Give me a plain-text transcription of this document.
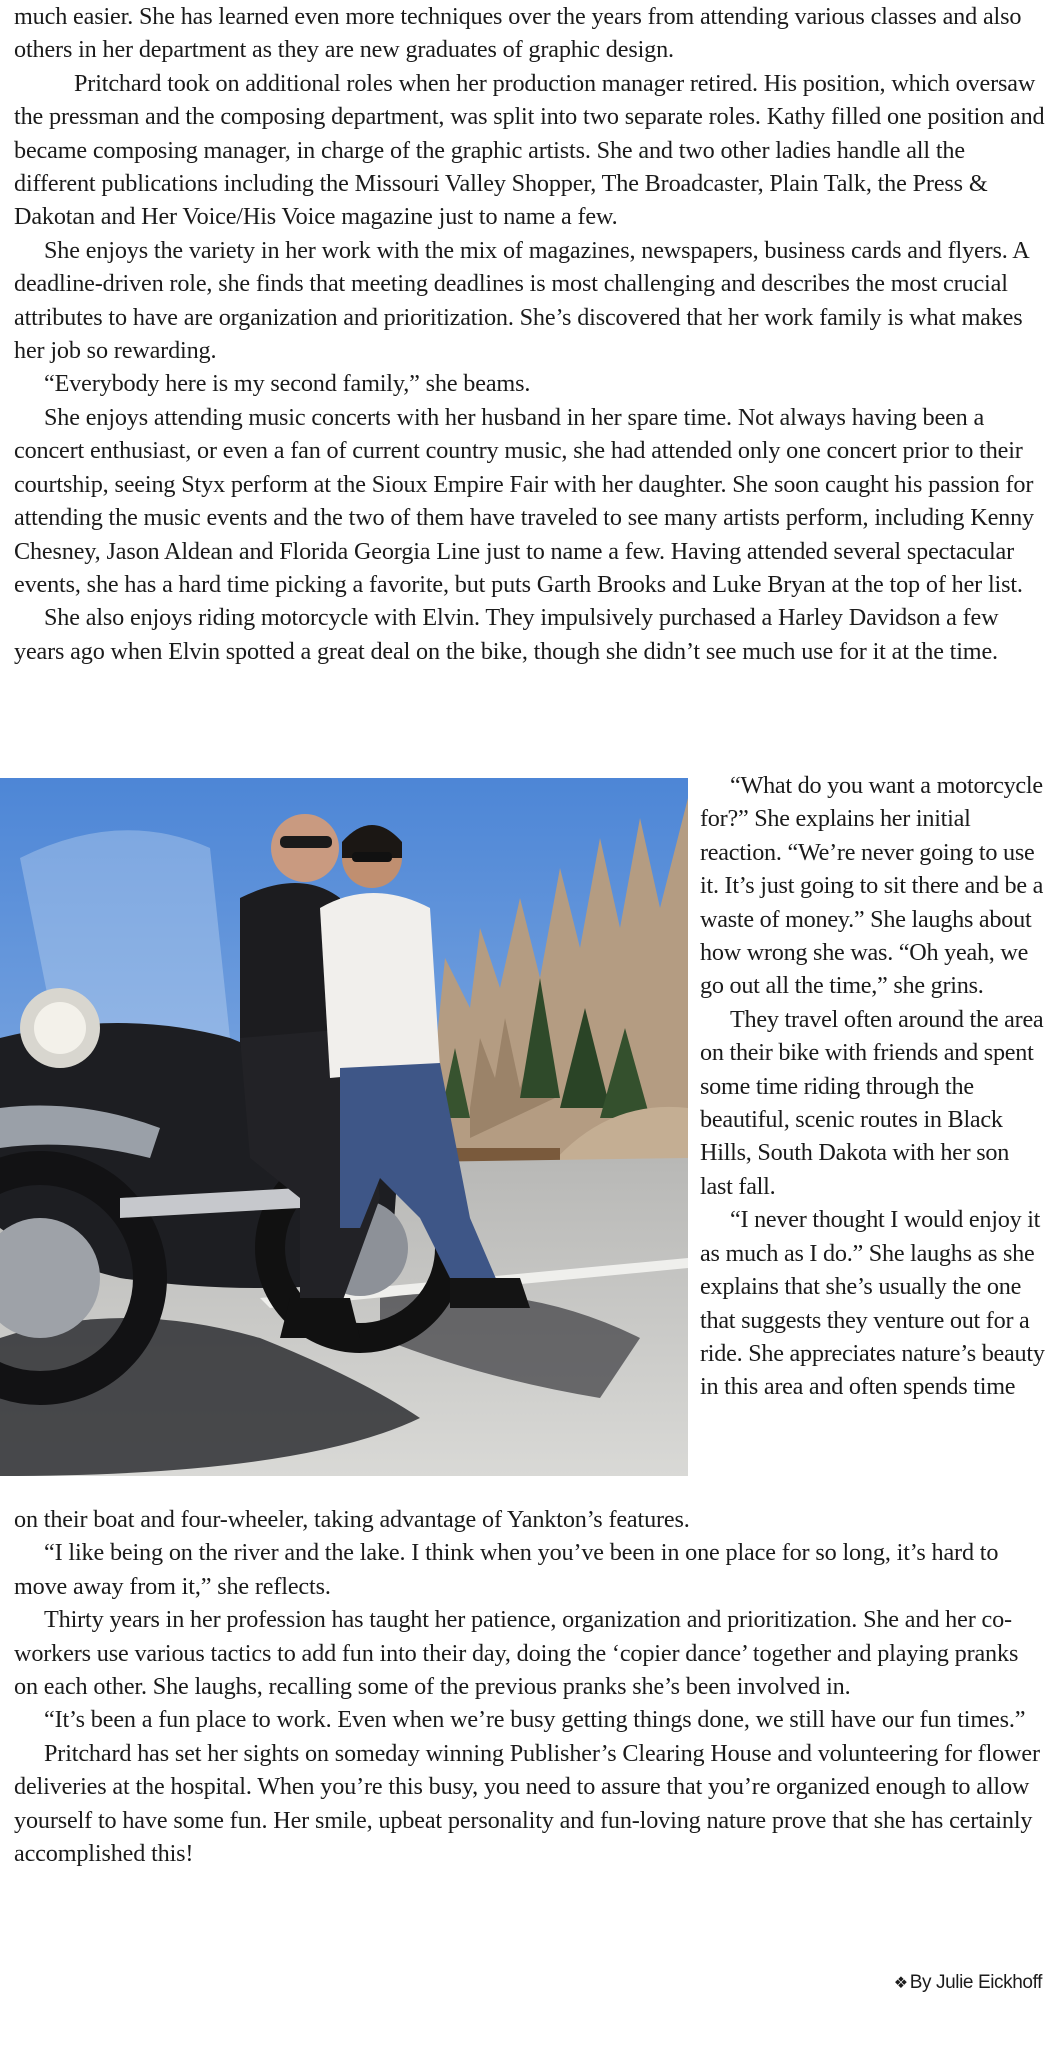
much easier. She has learned even more techniques over the years from attending various classes and also others in her department as they are new graduates of graphic design.

Pritchard took on additional roles when her production manager retired. His position, which oversaw the pressman and the composing department, was split into two separate roles. Kathy filled one position and became composing manager, in charge of the graphic artists. She and two other ladies handle all the different publications including the Missouri Valley Shopper, The Broadcaster, Plain Talk, the Press & Dakotan and Her Voice/His Voice magazine just to name a few.

She enjoys the variety in her work with the mix of magazines, newspapers, business cards and flyers. A deadline-driven role, she finds that meeting deadlines is most challenging and describes the most crucial attributes to have are organization and prioritization. She’s discovered that her work family is what makes her job so rewarding.

“Everybody here is my second family,” she beams.

She enjoys attending music concerts with her husband in her spare time. Not always having been a concert enthusiast, or even a fan of current country music, she had attended only one concert prior to their courtship, seeing Styx perform at the Sioux Empire Fair with her daughter. She soon caught his passion for attending the music events and the two of them have traveled to see many artists perform, including Kenny Chesney, Jason Aldean and Florida Georgia Line just to name a few. Having attended several spectacular events, she has a hard time picking a favorite, but puts Garth Brooks and Luke Bryan at the top of her list.

She also enjoys riding motorcycle with Elvin. They impulsively purchased a Harley Davidson a few years ago when Elvin spotted a great deal on the bike, though she didn’t see much use for it at the time.

“What do you want a motorcycle for?” She explains her initial reaction. “We’re never going to use it. It’s just going to sit there and be a waste of money.” She laughs about how wrong she was. “Oh yeah, we go out all the time,” she grins.

They travel often around the area on their bike with friends and spent some time riding through the beautiful, scenic routes in Black Hills, South Dakota with her son last fall.

“I never thought I would enjoy it as much as I do.” She laughs as she explains that she’s usually the one that suggests they venture out for a ride. She appreciates nature’s beauty in this area and often spends time

on their boat and four-wheeler, taking advantage of Yankton’s features.

“I like being on the river and the lake. I think when you’ve been in one place for so long, it’s hard to move away from it,” she reflects.

Thirty years in her profession has taught her patience, organization and prioritization. She and her co-workers use various tactics to add fun into their day, doing the ‘copier dance’ together and playing pranks on each other. She laughs, recalling some of the previous pranks she’s been involved in.

“It’s been a fun place to work. Even when we’re busy getting things done, we still have our fun times.”

Pritchard has set her sights on someday winning Publisher’s Clearing House and volunteering for flower deliveries at the hospital. When you’re this busy, you need to assure that you’re organized enough to allow yourself to have some fun. Her smile, upbeat personality and fun-loving nature prove that she has certainly accomplished this!

❖ By Julie Eickhoff
